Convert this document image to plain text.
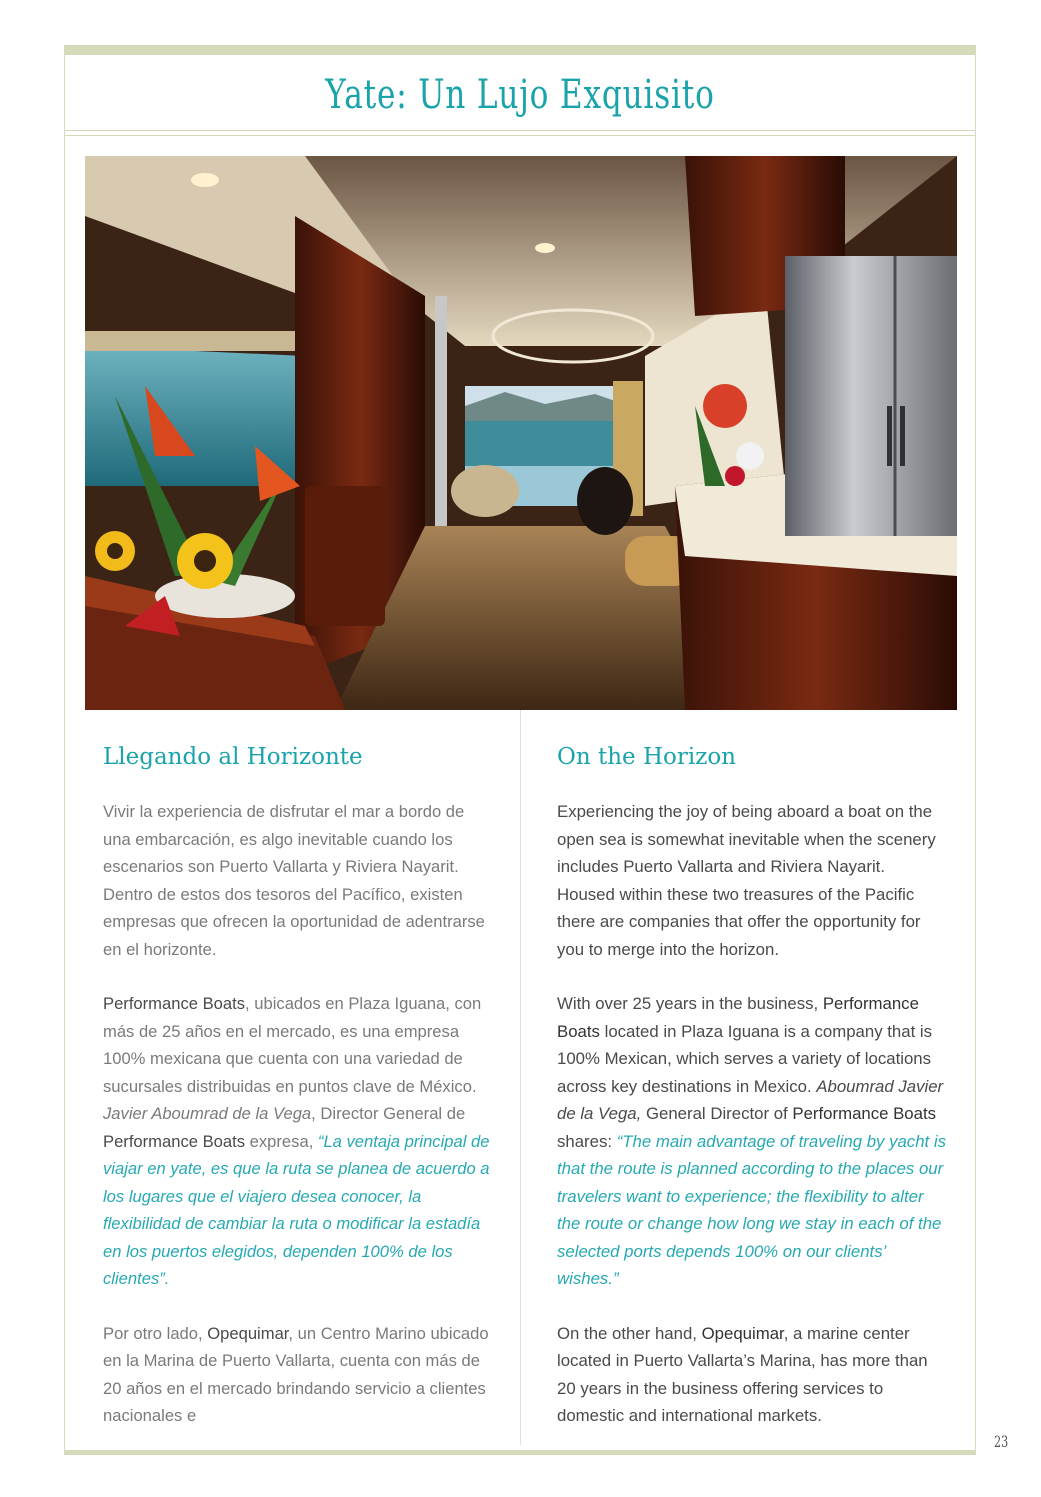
Yate: Un Lujo Exquisito
Llegando al Horizonte

Vivir la experiencia de disfrutar el mar a bordo de una embarcación, es algo inevitable cuando los escenarios son Puerto Vallarta y Riviera Nayarit. Dentro de estos dos tesoros del Pacífico, existen empresas que ofrecen la oportunidad de adentrarse en el horizonte.

Performance Boats, ubicados en Plaza Iguana, con más de 25 años en el mercado, es una empresa 100% mexicana que cuenta con una variedad de sucursales distribuidas en puntos clave de México. Javier Aboumrad de la Vega, Director General de Performance Boats expresa, “La ventaja principal de viajar en yate, es que la ruta se planea de acuerdo a los lugares que el viajero desea conocer, la flexibilidad de cambiar la ruta o modificar la estadía en los puertos elegidos, dependen 100% de los clientes”.

Por otro lado, Opequimar, un Centro Marino ubicado en la Marina de Puerto Vallarta, cuenta con más de 20 años en el mercado brindando servicio a clientes nacionales e

On the Horizon

Experiencing the joy of being aboard a boat on the open sea is somewhat inevitable when the scenery includes Puerto Vallarta and Riviera Nayarit. Housed within these two treasures of the Pacific there are companies that offer the opportunity for you to merge into the horizon.

With over 25 years in the business, Performance Boats located in Plaza Iguana is a company that is 100% Mexican, which serves a variety of locations across key destinations in Mexico. Aboumrad Javier de la Vega, General Director of Performance Boats shares: “The main advantage of traveling by yacht is that the route is planned according to the places our travelers want to experience; the flexibility to alter the route or change how long we stay in each of the selected ports depends 100% on our clients’ wishes.”

On the other hand, Opequimar, a marine center located in Puerto Vallarta’s Marina, has more than 20 years in the business offering services to domestic and international markets.

23
